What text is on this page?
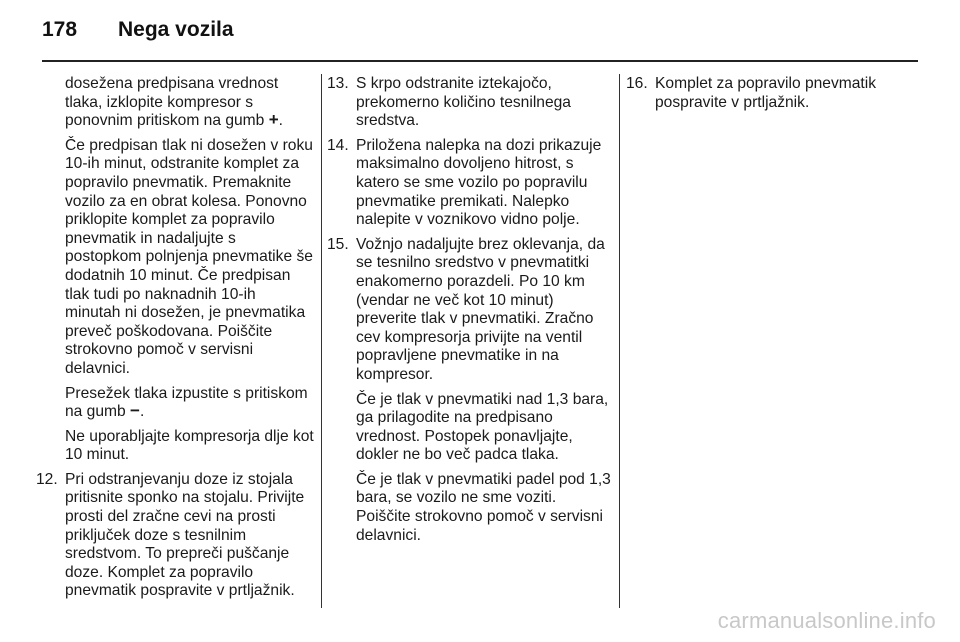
178	Nega vozila

dosežena predpisana vrednost tlaka, izklopite kompresor s ponovnim pritiskom na gumb +.

Če predpisan tlak ni dosežen v roku 10-ih minut, odstranite komplet za popravilo pnevmatik. Premaknite vozilo za en obrat kolesa. Ponovno priklopite komplet za popravilo pnevmatik in nadaljujte s postopkom polnjenja pnevmatike še dodatnih 10 minut. Če predpisan tlak tudi po naknadnih 10-ih minutah ni dosežen, je pnevmatika preveč poškodovana. Poiščite strokovno pomoč v servisni delavnici.

Presežek tlaka izpustite s pritiskom na gumb −.

Ne uporabljajte kompresorja dlje kot 10 minut.

12. Pri odstranjevanju doze iz stojala pritisnite sponko na stojalu. Privijte prosti del zračne cevi na prosti priključek doze s tesnilnim sredstvom. To prepreči puščanje doze. Komplet za popravilo pnevmatik pospravite v prtljažnik.
13. S krpo odstranite iztekajočo, prekomerno količino tesnilnega sredstva.
14. Priložena nalepka na dozi prikazuje maksimalno dovoljeno hitrost, s katero se sme vozilo po popravilu pnevmatike premikati. Nalepko nalepite v voznikovo vidno polje.
15. Vožnjo nadaljujte brez oklevanja, da se tesnilno sredstvo v pnevmatitki enakomerno porazdeli. Po 10 km (vendar ne več kot 10 minut) preverite tlak v pnevmatiki. Zračno cev kompresorja privijte na ventil popravljene pnevmatike in na kompresor.

Če je tlak v pnevmatiki nad 1,3 bara, ga prilagodite na predpisano vrednost. Postopek ponavljajte, dokler ne bo več padca tlaka.

Če je tlak v pnevmatiki padel pod 1,3 bara, se vozilo ne sme voziti. Poiščite strokovno pomoč v servisni delavnici.

16. Komplet za popravilo pnevmatik pospravite v prtljažnik.
carmanualsonline.info
